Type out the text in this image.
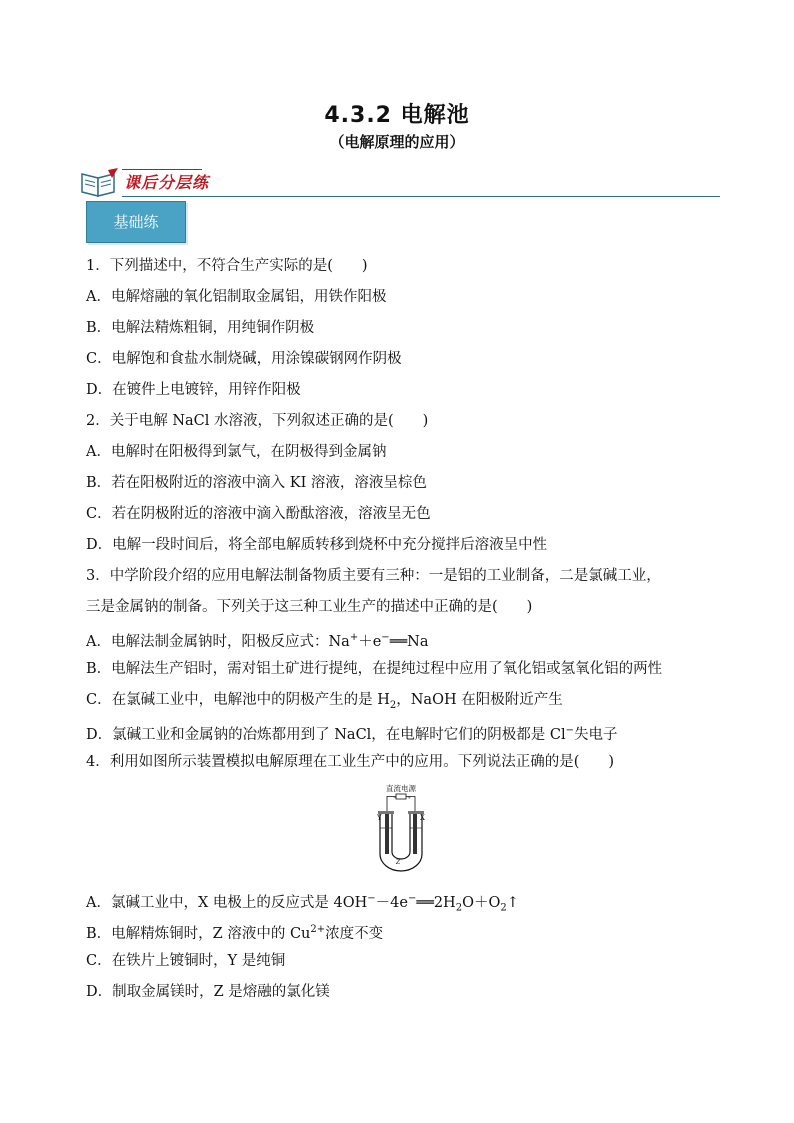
4.3.2 电解池
（电解原理的应用）
课后分层练
基础练
1．下列描述中，不符合生产实际的是(　　)
A．电解熔融的氧化铝制取金属铝，用铁作阳极
B．电解法精炼粗铜，用纯铜作阴极
C．电解饱和食盐水制烧碱，用涂镍碳钢网作阴极
D．在镀件上电镀锌，用锌作阳极
2．关于电解 NaCl 水溶液，下列叙述正确的是(　　)
A．电解时在阳极得到氯气，在阴极得到金属钠
B．若在阳极附近的溶液中滴入 KI 溶液，溶液呈棕色
C．若在阴极附近的溶液中滴入酚酞溶液，溶液呈无色
D．电解一段时间后，将全部电解质转移到烧杯中充分搅拌后溶液呈中性
3．中学阶段介绍的应用电解法制备物质主要有三种：一是铝的工业制备，二是氯碱工业，
三是金属钠的制备。下列关于这三种工业生产的描述中正确的是(　　)
A．电解法制金属钠时，阳极反应式：Na+＋e−══Na
B．电解法生产铝时，需对铝土矿进行提纯，在提纯过程中应用了氧化铝或氢氧化铝的两性
C．在氯碱工业中，电解池中的阴极产生的是 $H_2$，NaOH 在阳极附近产生
D．氯碱工业和金属钠的冶炼都用到了 NaCl，在电解时它们的阴极都是 Cl−失电子
4．利用如图所示装置模拟电解原理在工业生产中的应用。下列说法正确的是(　　)
A．氯碱工业中，X 电极上的反应式是 $4OH^--4e^-══2H_2O+O_2↑$
B．电解精炼铜时，Z 溶液中的 $Cu^{2+}$浓度不变
C．在铁片上镀铜时，Y 是纯铜
D．制取金属镁时，Z 是熔融的氯化镁
直流电源
− +
Y	X
Z
